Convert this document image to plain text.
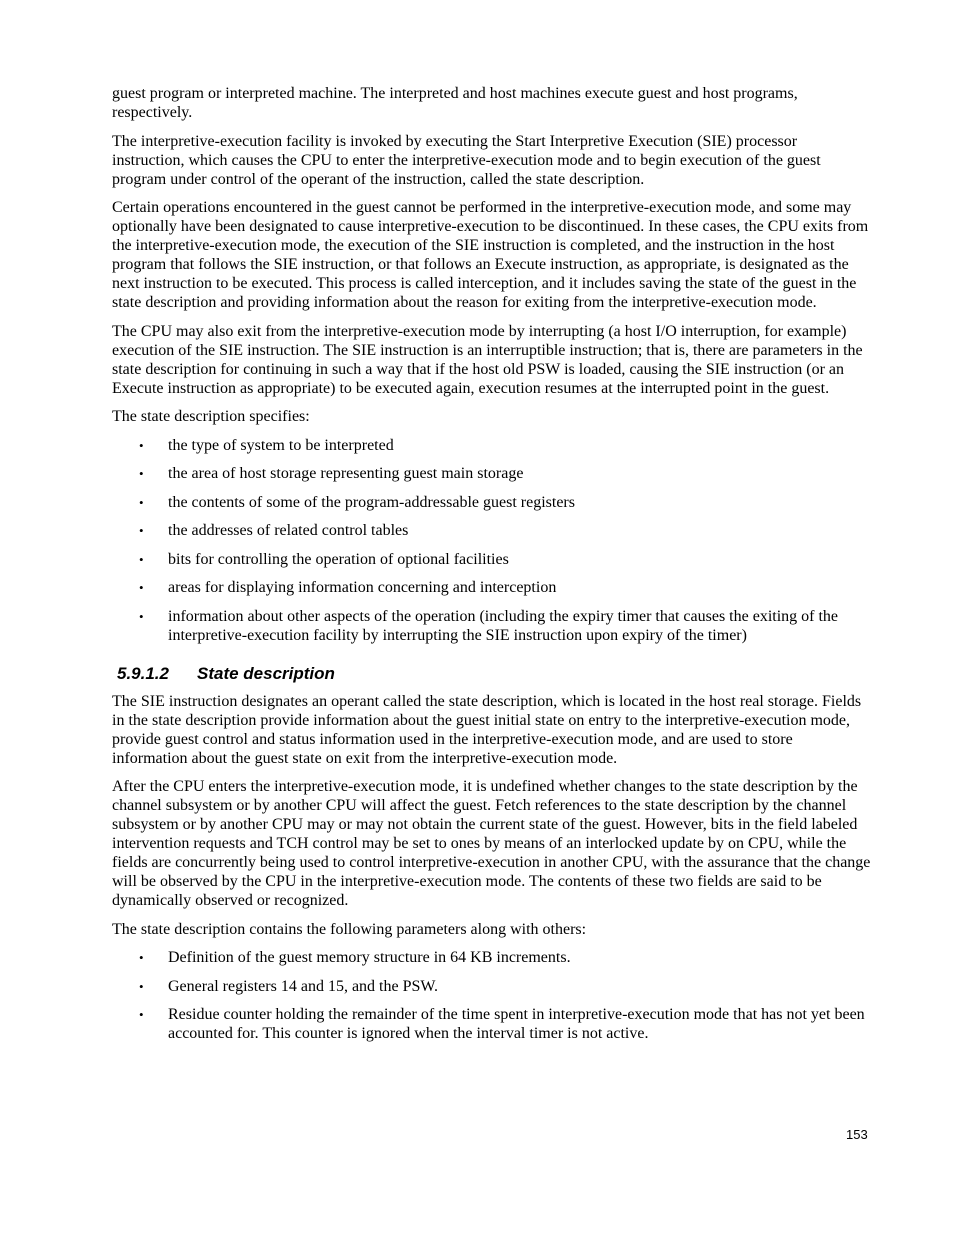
guest program or interpreted machine. The interpreted and host machines execute guest and host programs, respectively.

The interpretive-execution facility is invoked by executing the Start Interpretive Execution (SIE) processor instruction, which causes the CPU to enter the interpretive-execution mode and to begin execution of the guest program under control of the operant of the instruction, called the state description.

Certain operations encountered in the guest cannot be performed in the interpretive-execution mode, and some may optionally have been designated to cause interpretive-execution to be discontinued. In these cases, the CPU exits from the interpretive-execution mode, the execution of the SIE instruction is completed, and the instruction in the host program that follows the SIE instruction, or that follows an Execute instruction, as appropriate, is designated as the next instruction to be executed. This process is called interception, and it includes saving the state of the guest in the state description and providing information about the reason for exiting from the interpretive-execution mode.

The CPU may also exit from the interpretive-execution mode by interrupting (a host I/O interruption, for example) execution of the SIE instruction. The SIE instruction is an interruptible instruction; that is, there are parameters in the state description for continuing in such a way that if the host old PSW is loaded, causing the SIE instruction (or an Execute instruction as appropriate) to be executed again, execution resumes at the interrupted point in the guest.

The state description specifies:

• the type of system to be interpreted
• the area of host storage representing guest main storage
• the contents of some of the program-addressable guest registers
• the addresses of related control tables
• bits for controlling the operation of optional facilities
• areas for displaying information concerning and interception
• information about other aspects of the operation (including the expiry timer that causes the exiting of the interpretive-execution facility by interrupting the SIE instruction upon expiry of the timer)
5.9.1.2 State description

The SIE instruction designates an operant called the state description, which is located in the host real storage. Fields in the state description provide information about the guest initial state on entry to the interpretive-execution mode, provide guest control and status information used in the interpretive-execution mode, and are used to store information about the guest state on exit from the interpretive-execution mode.

After the CPU enters the interpretive-execution mode, it is undefined whether changes to the state description by the channel subsystem or by another CPU will affect the guest. Fetch references to the state description by the channel subsystem or by another CPU may or may not obtain the current state of the guest. However, bits in the field labeled intervention requests and TCH control may be set to ones by means of an interlocked update by on CPU, while the fields are concurrently being used to control interpretive-execution in another CPU, with the assurance that the change will be observed by the CPU in the interpretive-execution mode. The contents of these two fields are said to be dynamically observed or recognized.

The state description contains the following parameters along with others:

• Definition of the guest memory structure in 64 KB increments.
• General registers 14 and 15, and the PSW.
• Residue counter holding the remainder of the time spent in interpretive-execution mode that has not yet been accounted for. This counter is ignored when the interval timer is not active.
153
